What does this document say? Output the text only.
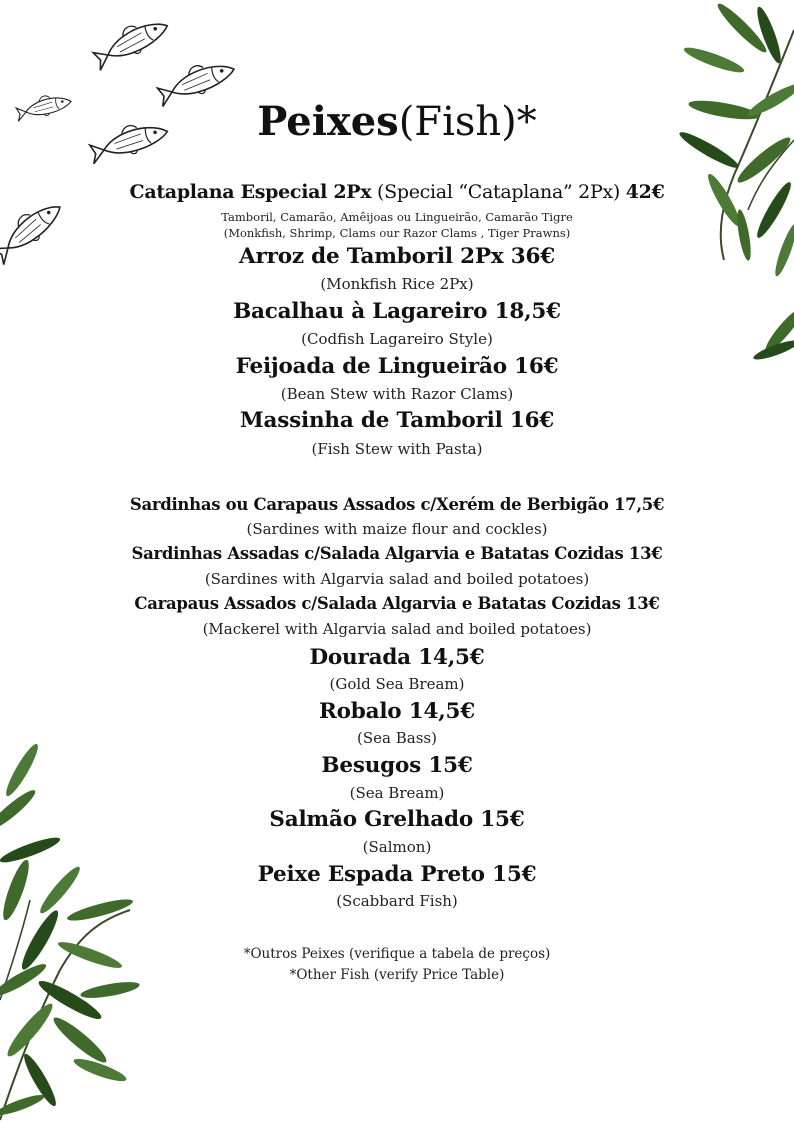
Peixes(Fish)*
Cataplana Especial 2Px (Special “Cataplana” 2Px) 42€
Tamboril, Camarão, Amêijoas ou Lingueirão, Camarão Tigre
(Monkfish, Shrimp, Clams our Razor Clams , Tiger Prawns)
Arroz de Tamboril 2Px 36€
(Monkfish Rice 2Px)
Bacalhau à Lagareiro 18,5€
(Codfish Lagareiro Style)
Feijoada de Lingueirão 16€
(Bean Stew with Razor Clams)
Massinha de Tamboril 16€
(Fish Stew with Pasta)
Sardinhas ou Carapaus Assados c/Xerém de Berbigão 17,5€
(Sardines with maize flour and cockles)
Sardinhas Assadas c/Salada Algarvia e Batatas Cozidas 13€
(Sardines with Algarvia salad and boiled potatoes)
Carapaus Assados c/Salada Algarvia e Batatas Cozidas 13€
(Mackerel with Algarvia salad and boiled potatoes)
Dourada 14,5€
(Gold Sea Bream)
Robalo 14,5€
(Sea Bass)
Besugos 15€
(Sea Bream)
Salmão Grelhado 15€
(Salmon)
Peixe Espada Preto 15€
(Scabbard Fish)
*Outros Peixes (verifique a tabela de preços)
*Other Fish (verify Price Table)
